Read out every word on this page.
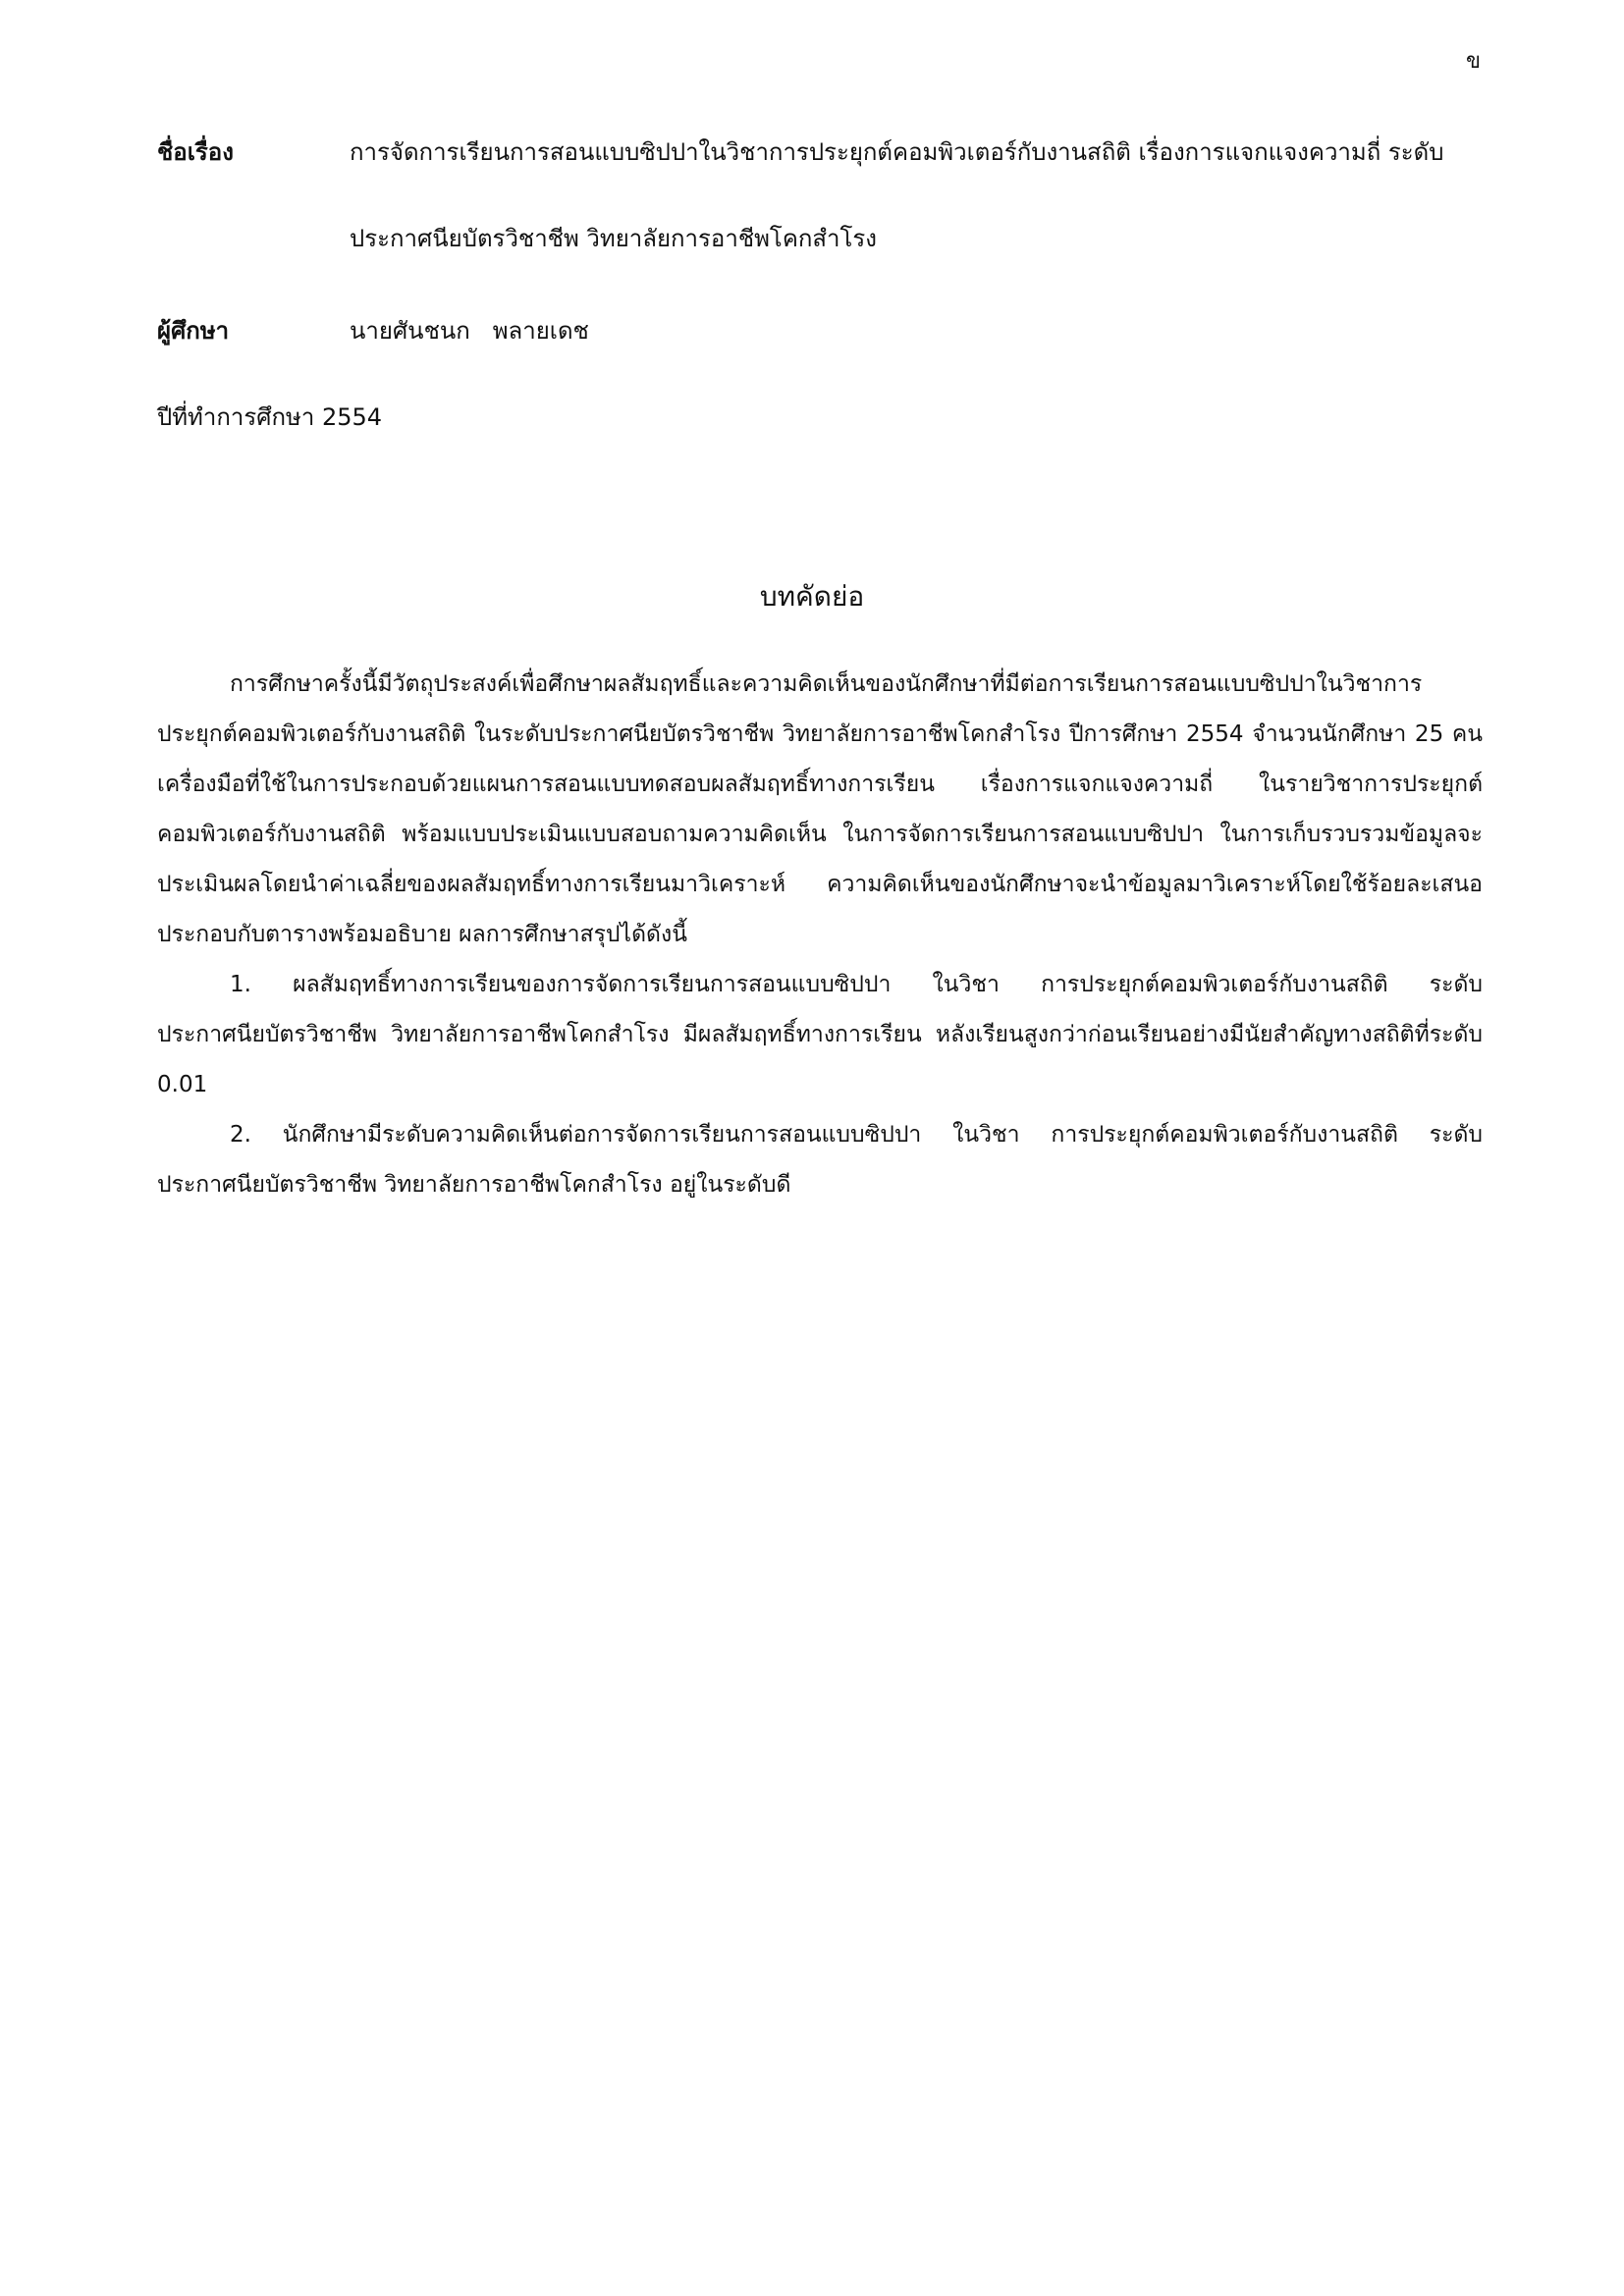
ข
ชื่อเรื่อง	การจัดการเรียนการสอนแบบซิปปาในวิชาการประยุกต์คอมพิวเตอร์กับงานสถิติ เรื่องการแจกแจงความถี่ ระดับประกาศนียบัตรวิชาชีพ วิทยาลัยการอาชีพโคกสำโรง
ผู้ศึกษา	นายศันชนก   พลายเดช
ปีที่ทำการศึกษา 2554
บทคัดย่อ

การศึกษาครั้งนี้มีวัตถุประสงค์เพื่อศึกษาผลสัมฤทธิ์และความคิดเห็นของนักศึกษาที่มีต่อการเรียนการสอนแบบซิปปาในวิชาการประยุกต์คอมพิวเตอร์กับงานสถิติ ในระดับประกาศนียบัตรวิชาชีพ วิทยาลัยการอาชีพโคกสำโรง ปีการศึกษา 2554 จำนวนนักศึกษา 25 คน เครื่องมือที่ใช้ในการประกอบด้วยแผนการสอนแบบทดสอบผลสัมฤทธิ์ทางการเรียน เรื่องการแจกแจงความถี่ ในรายวิชาการประยุกต์คอมพิวเตอร์กับงานสถิติ พร้อมแบบประเมินแบบสอบถามความคิดเห็น ในการจัดการเรียนการสอนแบบซิปปา ในการเก็บรวบรวมข้อมูลจะประเมินผลโดยนำค่าเฉลี่ยของผลสัมฤทธิ์ทางการเรียนมาวิเคราะห์ ความคิดเห็นของนักศึกษาจะนำข้อมูลมาวิเคราะห์โดยใช้ร้อยละเสนอประกอบกับตารางพร้อมอธิบาย ผลการศึกษาสรุปได้ดังนี้

1. ผลสัมฤทธิ์ทางการเรียนของการจัดการเรียนการสอนแบบซิปปา ในวิชา การประยุกต์คอมพิวเตอร์กับงานสถิติ ระดับประกาศนียบัตรวิชาชีพ วิทยาลัยการอาชีพโคกสำโรง มีผลสัมฤทธิ์ทางการเรียน หลังเรียนสูงกว่าก่อนเรียนอย่างมีนัยสำคัญทางสถิติที่ระดับ 0.01

2. นักศึกษามีระดับความคิดเห็นต่อการจัดการเรียนการสอนแบบซิปปา ในวิชา การประยุกต์คอมพิวเตอร์กับงานสถิติ ระดับประกาศนียบัตรวิชาชีพ วิทยาลัยการอาชีพโคกสำโรง อยู่ในระดับดี
